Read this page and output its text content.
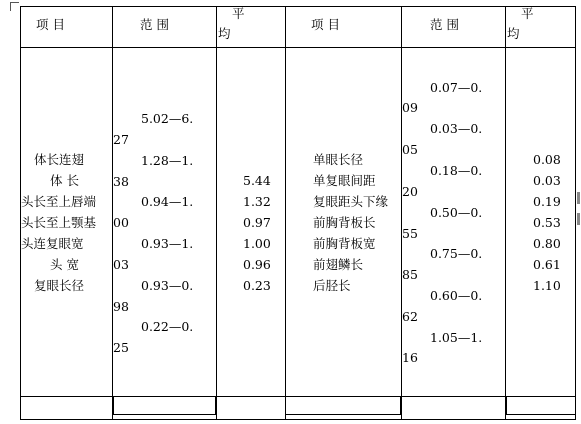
项 目	范 围
平
均
项 目	范 围
平
均
体长连翅
体 长
头长至上唇端
头长至上颚基
头连复眼宽
头 宽
复眼长径
5.02—6.
27
1.28—1.
38
0.94—1.
00
0.93—1.
03
0.93—0.
98
0.22—0.
25
5.44
1.32
0.97
1.00
0.96
0.23
单眼长径
单复眼间距
复眼距头下缘
前胸背板长
前胸背板宽
前翅鳞长
后胫长
0.07—0.
09
0.03—0.
05
0.18—0.
20
0.50—0.
55
0.75—0.
85
0.60—0.
62
1.05—1.
16
0.08
0.03
0.19
0.53
0.80
0.61
1.10
